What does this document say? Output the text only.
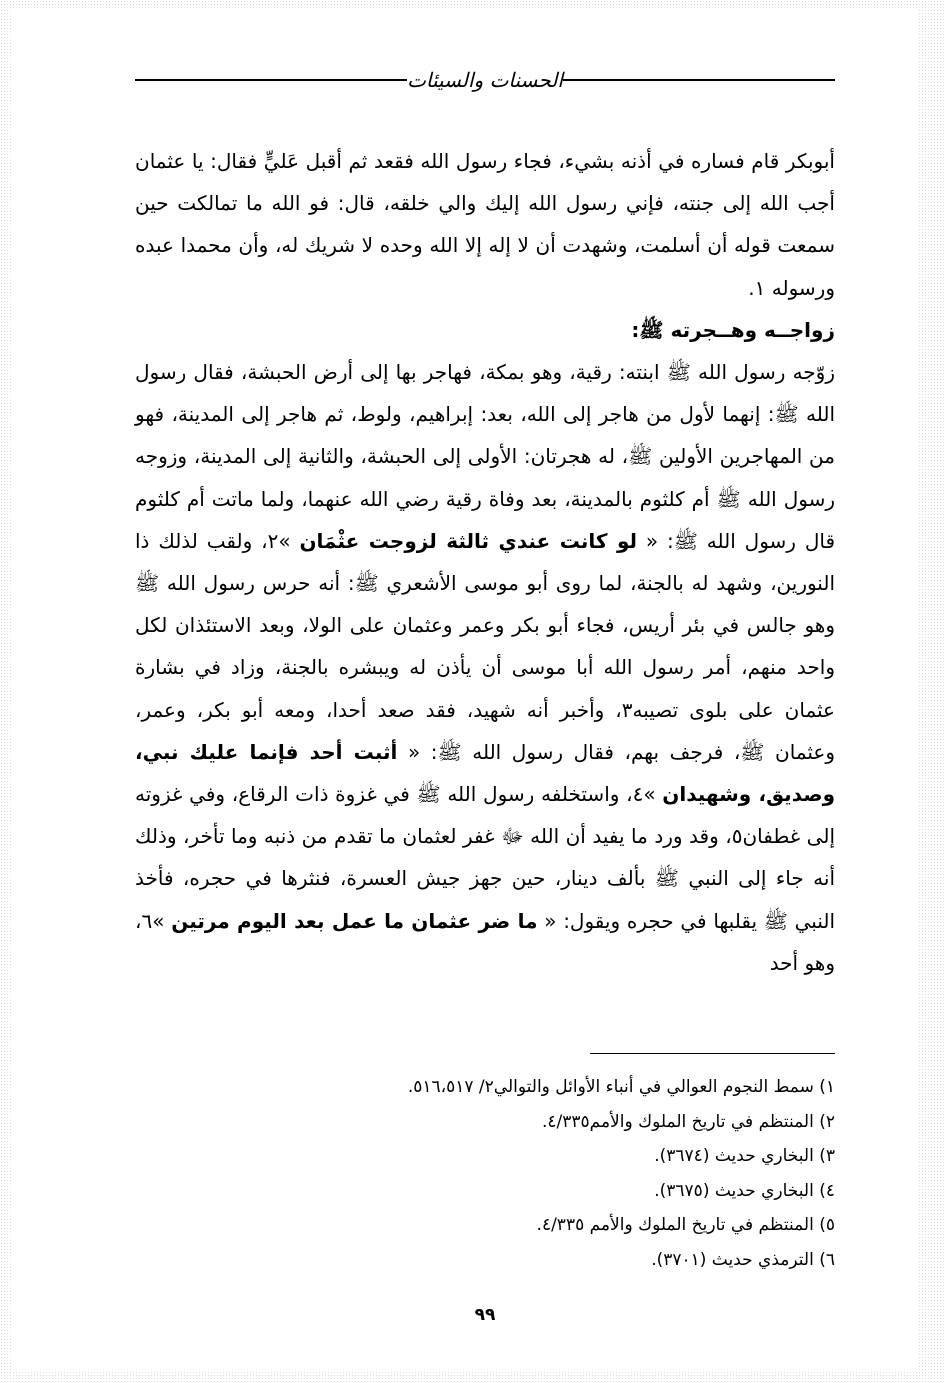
الحسنات والسيئات

أبوبكر قام فساره في أذنه بشيء، فجاء رسول الله فقعد ثم أقبل عَليٍّ فقال: يا عثمان أجب الله إلى جنته، فإني رسول الله إليك والي خلقه، قال: فو الله ما تمالكت حين سمعت قوله أن أسلمت، وشهدت أن لا إله إلا الله وحده لا شريك له، وأن محمدا عبده ورسوله ١.

زواجــه وهــجرته ﷺ:

زوّجه رسول الله ﷺ ابنته: رقية، وهو بمكة، فهاجر بها إلى أرض الحبشة، فقال رسول الله ﷺ: إنهما لأول من هاجر إلى الله، بعد: إبراهيم، ولوط، ثم هاجر إلى المدينة، فهو من المهاجرين الأولين ﷺ، له هجرتان: الأولى إلى الحبشة، والثانية إلى المدينة، وزوجه رسول الله ﷺ أم كلثوم بالمدينة، بعد وفاة رقية رضي الله عنهما، ولما ماتت أم كلثوم قال رسول الله ﷺ: « لو كانت عندي ثالثة لزوجت عثْمَان »٢، ولقب لذلك ذا النورين، وشهد له بالجنة، لما روى أبو موسى الأشعري ﷺ: أنه حرس رسول الله ﷺ وهو جالس في بئر أريس، فجاء أبو بكر وعمر وعثمان على الولا، وبعد الاستئذان لكل واحد منهم، أمر رسول الله أبا موسى أن يأذن له ويبشره بالجنة، وزاد في بشارة عثمان على بلوى تصيبه٣، وأخبر أنه شهيد، فقد صعد أحدا، ومعه أبو بكر، وعمر، وعثمان ﷺ، فرجف بهم، فقال رسول الله ﷺ: « أثبت أحد فإنما عليك نبي، وصديق، وشهيدان »٤، واستخلفه رسول الله ﷺ في غزوة ذات الرقاع، وفي غزوته إلى غطفان٥، وقد ورد ما يفيد أن الله ﷻ غفر لعثمان ما تقدم من ذنبه وما تأخر، وذلك أنه جاء إلى النبي ﷺ بألف دينار، حين جهز جيش العسرة، فنثرها في حجره، فأخذ النبي ﷺ يقلبها في حجره ويقول: « ما ضر عثمان ما عمل بعد اليوم مرتين »٦، وهو أحد

١) سمط النجوم العوالي في أنباء الأوائل والتوالي٢/ ٥١٦،٥١٧.
٢) المنتظم في تاريخ الملوك والأمم٤/٣٣٥.
٣) البخاري حديث (٣٦٧٤).
٤) البخاري حديث (٣٦٧٥).
٥) المنتظم في تاريخ الملوك والأمم ٤/٣٣٥.
٦) الترمذي حديث (٣٧٠١).
٩٩
